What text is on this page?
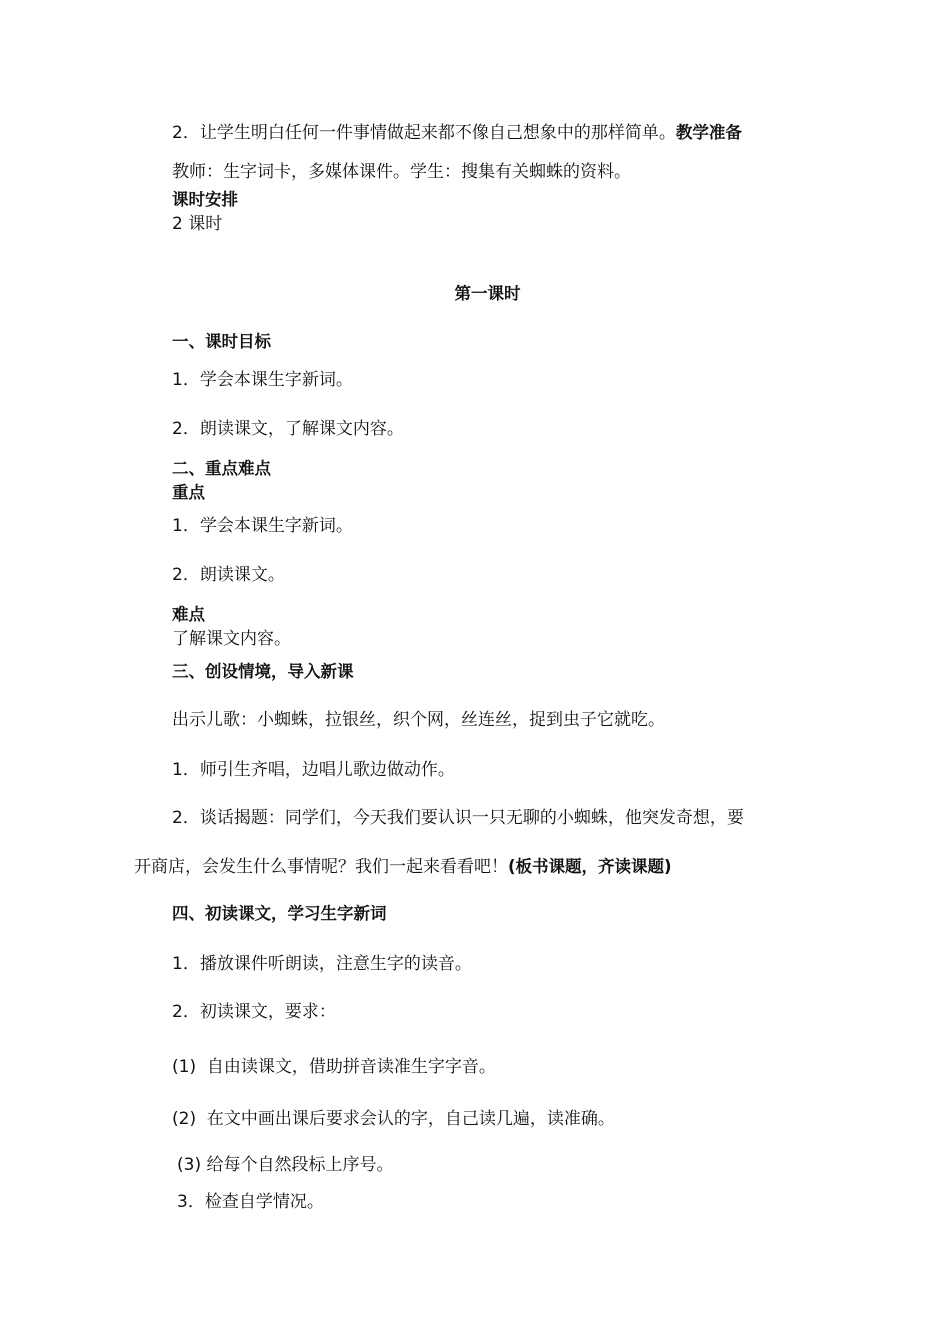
2．让学生明白任何一件事情做起来都不像自己想象中的那样简单。教学准备
教师：生字词卡，多媒体课件。学生：搜集有关蜘蛛的资料。
课时安排
2 课时
第一课时
一、课时目标
1．学会本课生字新词。
2．朗读课文，了解课文内容。
二、重点难点
重点
1．学会本课生字新词。
2．朗读课文。
难点
了解课文内容。
三、创设情境，导入新课
出示儿歌：小蜘蛛，拉银丝，织个网，丝连丝，捉到虫子它就吃。
1．师引生齐唱，边唱儿歌边做动作。
2．谈话揭题：同学们，今天我们要认识一只无聊的小蜘蛛，他突发奇想，要
开商店，会发生什么事情呢？我们一起来看看吧！(板书课题，齐读课题)
四、初读课文，学习生字新词
1．播放课件听朗读，注意生字的读音。
2．初读课文，要求：
(1) 自由读课文，借助拼音读准生字字音。
(2) 在文中画出课后要求会认的字，自己读几遍，读准确。
(3) 给每个自然段标上序号。
3．检查自学情况。
